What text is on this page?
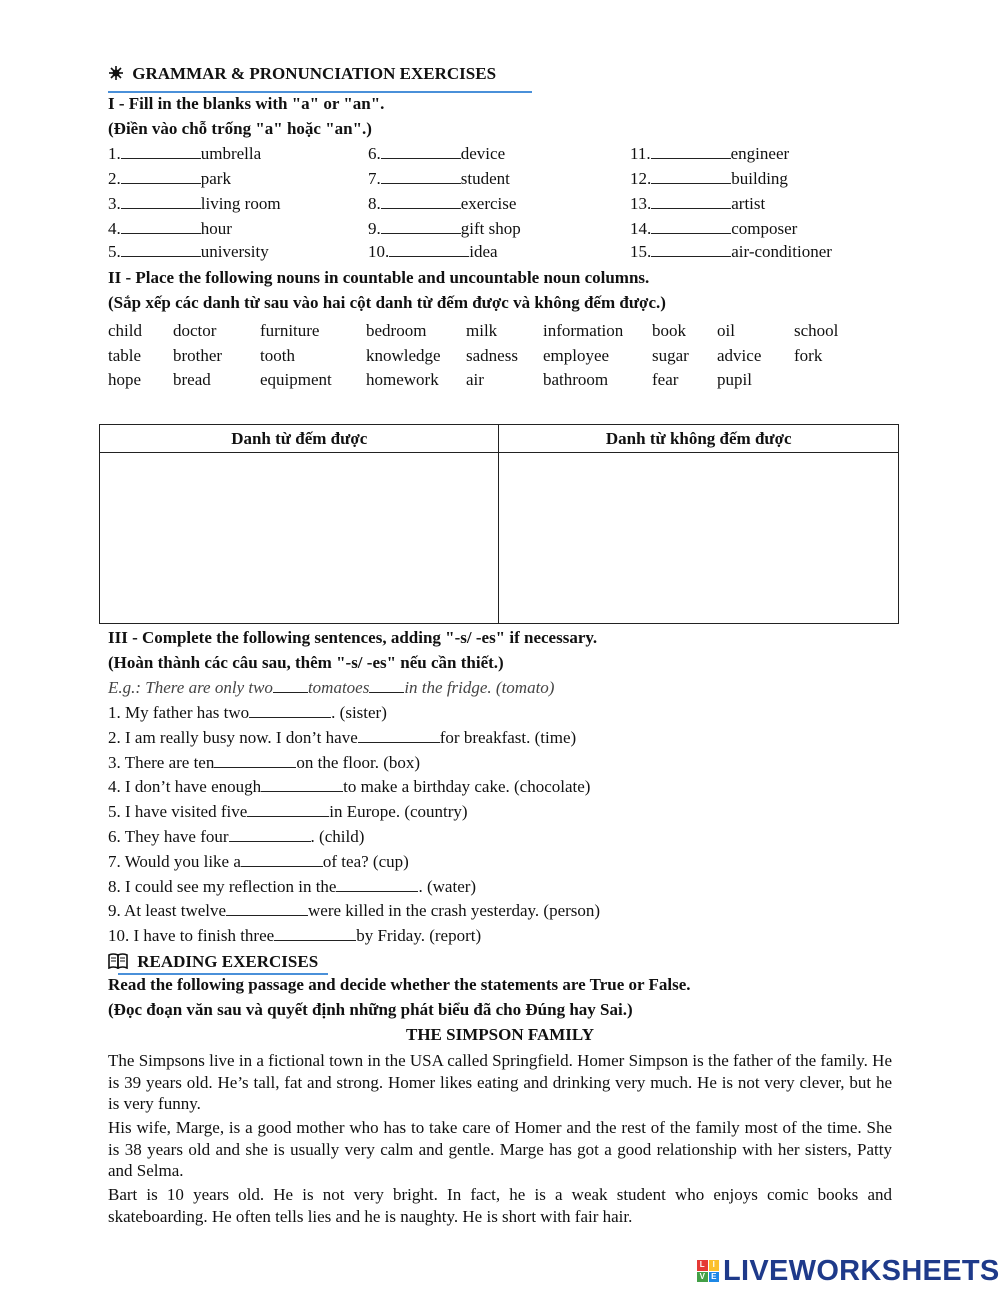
GRAMMAR & PRONUNCIATION EXERCISES
I - Fill in the blanks with "a" or "an".
(Điền vào chỗ trống "a" hoặc "an".)
1.	umbrella
2.	park
3.	living room
4.	hour
5.	university
6.	device
7.	student
8.	exercise
9.	gift shop
10.	idea
11.	engineer
12.	building
13.	artist
14.	composer
15.	air-conditioner
II - Place the following nouns in countable and uncountable noun columns.
(Sắp xếp các danh từ sau vào hai cột danh từ đếm được và không đếm được.)
child doctor	furniture	bedroom milk	information book oil	school
table brother tooth	knowledge sadness employee	sugar advice fork
hope bread	equipment homework air	bathroom	fear pupil
Danh từ đếm được	Danh từ không đếm được

III - Complete the following sentences, adding "-s/ -es" if necessary.
(Hoàn thành các câu sau, thêm "-s/ -es" nếu cần thiết.)
E.g.: There are only two tomatoes in the fridge. (tomato)
1. My father has two	. (sister)
2. I am really busy now. I don’t have	for breakfast. (time)
3. There are ten	on the floor. (box)
4. I don’t have enough	to make a birthday cake. (chocolate)
5. I have visited five	in Europe. (country)
6. They have four	. (child)
7. Would you like a	of tea? (cup)
8. I could see my reflection in the	. (water)
9. At least twelve	were killed in the crash yesterday. (person)
10. I have to finish three	by Friday. (report)
READING EXERCISES
Read the following passage and decide whether the statements are True or False.
(Đọc đoạn văn sau và quyết định những phát biểu đã cho Đúng hay Sai.)
THE SIMPSON FAMILY
The Simpsons live in a fictional town in the USA called Springfield. Homer Simpson is the father of the family. He is 39 years old. He’s tall, fat and strong. Homer likes eating and drinking very much. He is not very clever, but he is very funny.
His wife, Marge, is a good mother who has to take care of Homer and the rest of the family most of the time. She is 38 years old and she is usually very calm and gentle. Marge has got a good relationship with her sisters, Patty and Selma.
Bart is 10 years old. He is not very bright. In fact, he is a weak student who enjoys comic books and skateboarding. He often tells lies and he is naughty. He is short with fair hair.
L I
V E LIVEWORKSHEETS
